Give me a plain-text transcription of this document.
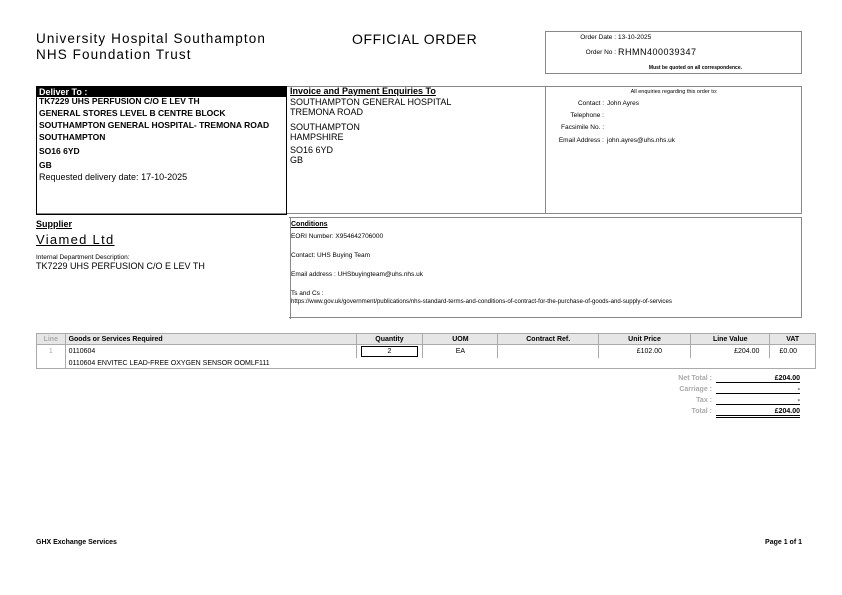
University Hospital Southampton
NHS Foundation Trust
OFFICIAL ORDER	Order Date : 13-10-2025
Order No : RHMN400039347
Must be quoted on all correspondence.
Deliver To :
TK7229 UHS PERFUSION C/O E LEV TH
GENERAL STORES LEVEL B CENTRE BLOCK
SOUTHAMPTON GENERAL HOSPITAL- TREMONA ROAD
SOUTHAMPTON
SO16 6YD
GB
Requested delivery date: 17-10-2025
Invoice and Payment Enquiries To
SOUTHAMPTON GENERAL HOSPITAL
TREMONA ROAD
SOUTHAMPTON
HAMPSHIRE
SO16 6YD
GB
All enquiries regarding this order to:
Contact : John Ayres
Telephone :
Facsimile No. :
Email Address : john.ayres@uhs.nhs.uk
Supplier
Viamed Ltd
Internal Department Description:
TK7229 UHS PERFUSION C/O E LEV TH
Conditions
EORI Number: X954642706000
Contact: UHS Buying Team
Email address : UHSbuyingteam@uhs.nhs.uk
Ts and Cs :
https://www.gov.uk/government/publications/nhs-standard-terms-and-conditions-of-contract-for-the-purchase-of-goods-and-supply-of-services
Line	Goods or Services Required	Quantity	UOM	Contract Ref.	Unit Price	Line Value	VAT
1	0110604	2	EA		£102.00	£204.00	£0.00
	0110604 ENVITEC LEAD-FREE OXYGEN SENSOR OOMLF111						
Net Total :	£204.00
Carriage :	-
Tax :	-
Total :	£204.00
GHX Exchange Services	Page 1 of 1
